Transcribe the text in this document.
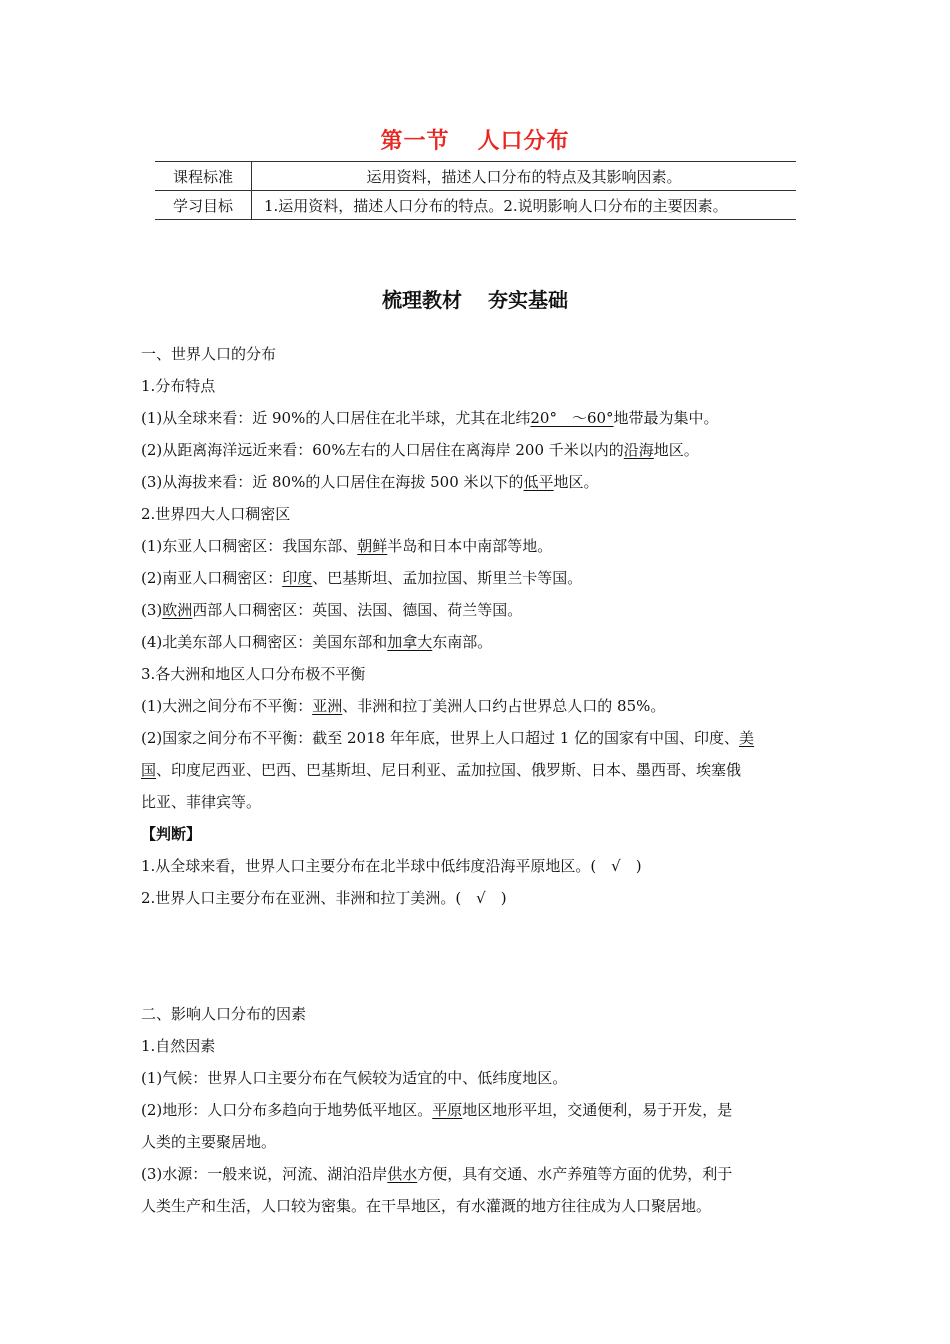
第一节 人口分布
课程标准	运用资料，描述人口分布的特点及其影响因素。
学习目标	1.运用资料，描述人口分布的特点。2.说明影响人口分布的主要因素。
梳理教材 夯实基础
一、世界人口的分布
1.分布特点
(1)从全球来看：近 90%的人口居住在北半球，尤其在北纬20°　～60°地带最为集中。
(2)从距离海洋远近来看：60%左右的人口居住在离海岸 200 千米以内的沿海地区。
(3)从海拔来看：近 80%的人口居住在海拔 500 米以下的低平地区。
2.世界四大人口稠密区
(1)东亚人口稠密区：我国东部、朝鲜半岛和日本中南部等地。
(2)南亚人口稠密区：印度、巴基斯坦、孟加拉国、斯里兰卡等国。
(3)欧洲西部人口稠密区：英国、法国、德国、荷兰等国。
(4)北美东部人口稠密区：美国东部和加拿大东南部。
3.各大洲和地区人口分布极不平衡
(1)大洲之间分布不平衡：亚洲、非洲和拉丁美洲人口约占世界总人口的 85%。
(2)国家之间分布不平衡：截至 2018 年年底，世界上人口超过 1 亿的国家有中国、印度、美
国、印度尼西亚、巴西、巴基斯坦、尼日利亚、孟加拉国、俄罗斯、日本、墨西哥、埃塞俄
比亚、菲律宾等。
【判断】
1.从全球来看，世界人口主要分布在北半球中低纬度沿海平原地区。(　√　)
2.世界人口主要分布在亚洲、非洲和拉丁美洲。(　√　)
二、影响人口分布的因素
1.自然因素
(1)气候：世界人口主要分布在气候较为适宜的中、低纬度地区。
(2)地形：人口分布多趋向于地势低平地区。平原地区地形平坦，交通便利，易于开发，是
人类的主要聚居地。
(3)水源：一般来说，河流、湖泊沿岸供水方便，具有交通、水产养殖等方面的优势，利于
人类生产和生活，人口较为密集。在干旱地区，有水灌溉的地方往往成为人口聚居地。
